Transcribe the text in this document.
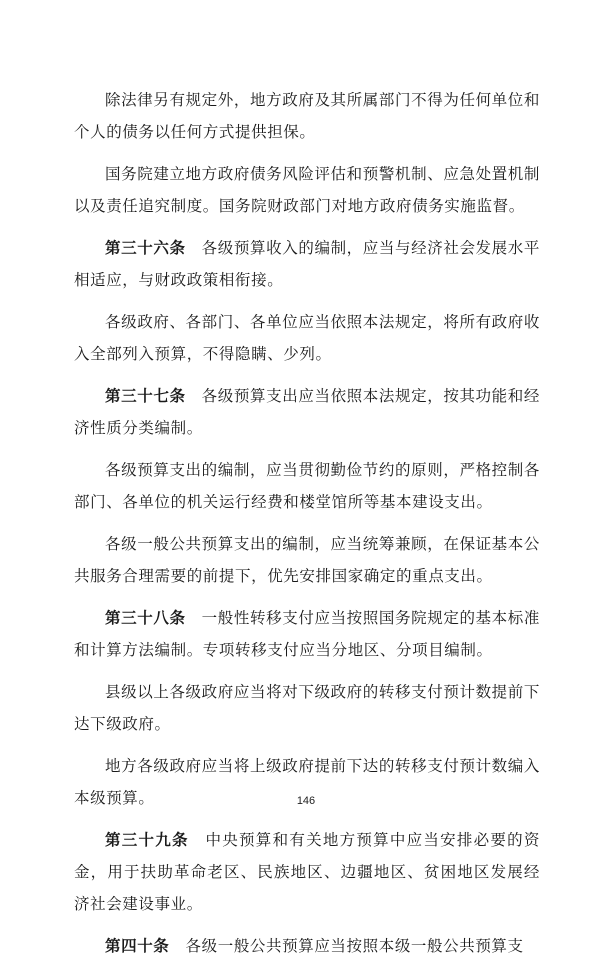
除法律另有规定外，地方政府及其所属部门不得为任何单位和个人的债务以任何方式提供担保。

国务院建立地方政府债务风险评估和预警机制、应急处置机制以及责任追究制度。国务院财政部门对地方政府债务实施监督。

第三十六条  各级预算收入的编制，应当与经济社会发展水平相适应，与财政政策相衔接。

各级政府、各部门、各单位应当依照本法规定，将所有政府收入全部列入预算，不得隐瞒、少列。

第三十七条  各级预算支出应当依照本法规定，按其功能和经济性质分类编制。

各级预算支出的编制，应当贯彻勤俭节约的原则，严格控制各部门、各单位的机关运行经费和楼堂馆所等基本建设支出。

各级一般公共预算支出的编制，应当统筹兼顾，在保证基本公共服务合理需要的前提下，优先安排国家确定的重点支出。

第三十八条  一般性转移支付应当按照国务院规定的基本标准和计算方法编制。专项转移支付应当分地区、分项目编制。

县级以上各级政府应当将对下级政府的转移支付预计数提前下达下级政府。

地方各级政府应当将上级政府提前下达的转移支付预计数编入本级预算。

第三十九条  中央预算和有关地方预算中应当安排必要的资金，用于扶助革命老区、民族地区、边疆地区、贫困地区发展经济社会建设事业。

第四十条  各级一般公共预算应当按照本级一般公共预算支

146
